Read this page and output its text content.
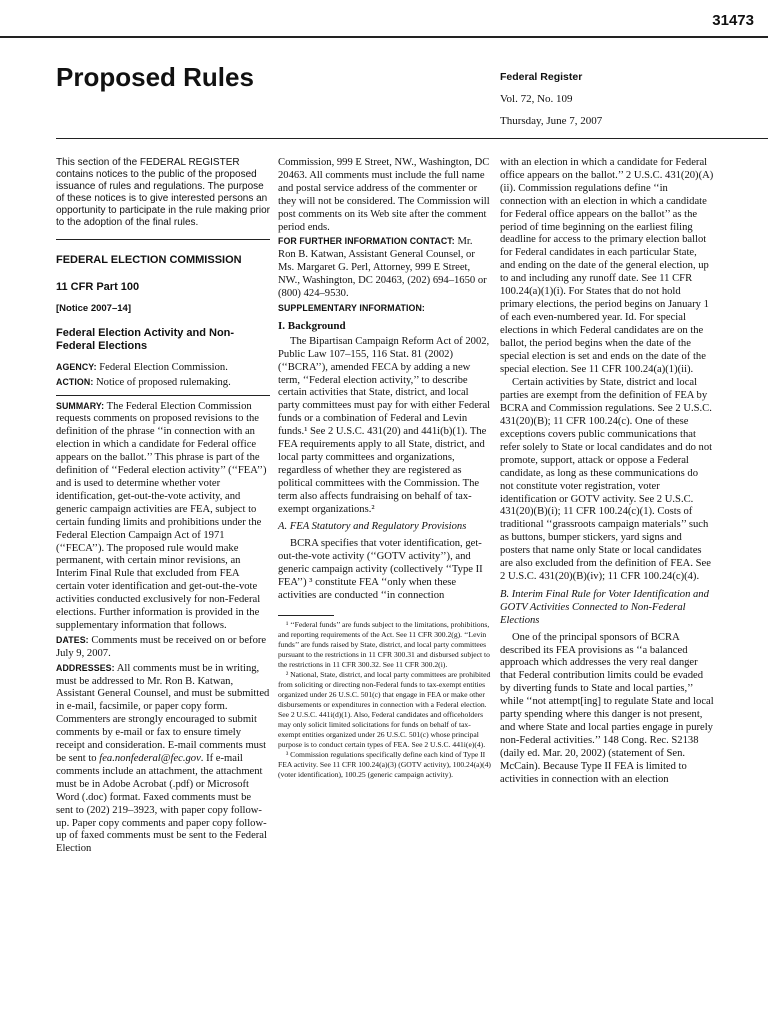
31473
Proposed Rules	Federal Register
Vol. 72, No. 109
Thursday, June 7, 2007

This section of the FEDERAL REGISTER contains notices to the public of the proposed issuance of rules and regulations. The purpose of these notices is to give interested persons an opportunity to participate in the rule making prior to the adoption of the final rules.

FEDERAL ELECTION COMMISSION
11 CFR Part 100
[Notice 2007–14]
Federal Election Activity and Non-Federal Elections

AGENCY: Federal Election Commission.

ACTION: Notice of proposed rulemaking.

SUMMARY: The Federal Election Commission requests comments on proposed revisions to the definition of the phrase ‘‘in connection with an election in which a candidate for Federal office appears on the ballot.’’ This phrase is part of the definition of ‘‘Federal election activity’’ (‘‘FEA’’) and is used to determine whether voter identification, get-out-the-vote activity, and generic campaign activities are FEA, subject to certain funding limits and prohibitions under the Federal Election Campaign Act of 1971 (‘‘FECA’’). The proposed rule would make permanent, with certain minor revisions, an Interim Final Rule that excluded from FEA certain voter identification and get-out-the-vote activities conducted exclusively for non-Federal elections. Further information is provided in the supplementary information that follows.

DATES: Comments must be received on or before July 9, 2007.

ADDRESSES: All comments must be in writing, must be addressed to Mr. Ron B. Katwan, Assistant General Counsel, and must be submitted in e-mail, facsimile, or paper copy form. Commenters are strongly encouraged to submit comments by e-mail or fax to ensure timely receipt and consideration. E-mail comments must be sent to fea.nonfederal@fec.gov. If e-mail comments include an attachment, the attachment must be in Adobe Acrobat (.pdf) or Microsoft Word (.doc) format. Faxed comments must be sent to (202) 219–3923, with paper copy follow-up. Paper copy comments and paper copy follow-up of faxed comments must be sent to the Federal Election

Commission, 999 E Street, NW., Washington, DC 20463. All comments must include the full name and postal service address of the commenter or they will not be considered. The Commission will post comments on its Web site after the comment period ends.

FOR FURTHER INFORMATION CONTACT: Mr. Ron B. Katwan, Assistant General Counsel, or Ms. Margaret G. Perl, Attorney, 999 E Street, NW., Washington, DC 20463, (202) 694–1650 or (800) 424–9530.

SUPPLEMENTARY INFORMATION:

I. Background

The Bipartisan Campaign Reform Act of 2002, Public Law 107–155, 116 Stat. 81 (2002) (‘‘BCRA’’), amended FECA by adding a new term, ‘‘Federal election activity,’’ to describe certain activities that State, district, and local party committees must pay for with either Federal funds or a combination of Federal and Levin funds.¹ See 2 U.S.C. 431(20) and 441i(b)(1). The FEA requirements apply to all State, district, and local party committees and organizations, regardless of whether they are registered as political committees with the Commission. The term also affects fundraising on behalf of tax-exempt organizations.²

A. FEA Statutory and Regulatory Provisions

BCRA specifies that voter identification, get-out-the-vote activity (‘‘GOTV activity’’), and generic campaign activity (collectively ‘‘Type II FEA’’) ³ constitute FEA ‘‘only when these activities are conducted ‘‘in connection

¹ ‘‘Federal funds’’ are funds subject to the limitations, prohibitions, and reporting requirements of the Act. See 11 CFR 300.2(g). ‘‘Levin funds’’ are funds raised by State, district, and local party committees pursuant to the restrictions in 11 CFR 300.31 and disbursed subject to the restrictions in 11 CFR 300.32. See 11 CFR 300.2(i).

² National, State, district, and local party committees are prohibited from soliciting or directing non-Federal funds to tax-exempt entities organized under 26 U.S.C. 501(c) that engage in FEA or make other disbursements or expenditures in connection with a Federal election. See 2 U.S.C. 441i(d)(1). Also, Federal candidates and officeholders may only solicit limited solicitations for funds on behalf of tax-exempt entities organized under 26 U.S.C. 501(c) whose principal purpose is to conduct certain types of FEA. See 2 U.S.C. 441i(e)(4).

³ Commission regulations specifically define each kind of Type II FEA activity. See 11 CFR 100.24(a)(3) (GOTV activity), 100.24(a)(4) (voter identification), 100.25 (generic campaign activity).

with an election in which a candidate for Federal office appears on the ballot.’’ 2 U.S.C. 431(20)(A)(ii). Commission regulations define ‘‘in connection with an election in which a candidate for Federal office appears on the ballot’’ as the period of time beginning on the earliest filing deadline for access to the primary election ballot for Federal candidates in each particular State, and ending on the date of the general election, up to and including any runoff date. See 11 CFR 100.24(a)(1)(i). For States that do not hold primary elections, the period begins on January 1 of each even-numbered year. Id. For special elections in which Federal candidates are on the ballot, the period begins when the date of the special election is set and ends on the date of the special election. See 11 CFR 100.24(a)(1)(ii).

Certain activities by State, district and local parties are exempt from the definition of FEA by BCRA and Commission regulations. See 2 U.S.C. 431(20)(B); 11 CFR 100.24(c). One of these exceptions covers public communications that refer solely to State or local candidates and do not promote, support, attack or oppose a Federal candidate, as long as these communications do not constitute voter registration, voter identification or GOTV activity. See 2 U.S.C. 431(20)(B)(i); 11 CFR 100.24(c)(1). Costs of traditional ‘‘grassroots campaign materials’’ such as buttons, bumper stickers, yard signs and posters that name only State or local candidates are also excluded from the definition of FEA. See 2 U.S.C. 431(20)(B)(iv); 11 CFR 100.24(c)(4).

B. Interim Final Rule for Voter Identification and GOTV Activities Connected to Non-Federal Elections

One of the principal sponsors of BCRA described its FEA provisions as ‘‘a balanced approach which addresses the very real danger that Federal contribution limits could be evaded by diverting funds to State and local parties,’’ while ‘‘not attempt[ing] to regulate State and local party spending where this danger is not present, and where State and local parties engage in purely non-Federal activities.’’ 148 Cong. Rec. S2138 (daily ed. Mar. 20, 2002) (statement of Sen. McCain). Because Type II FEA is limited to activities in connection with an election
